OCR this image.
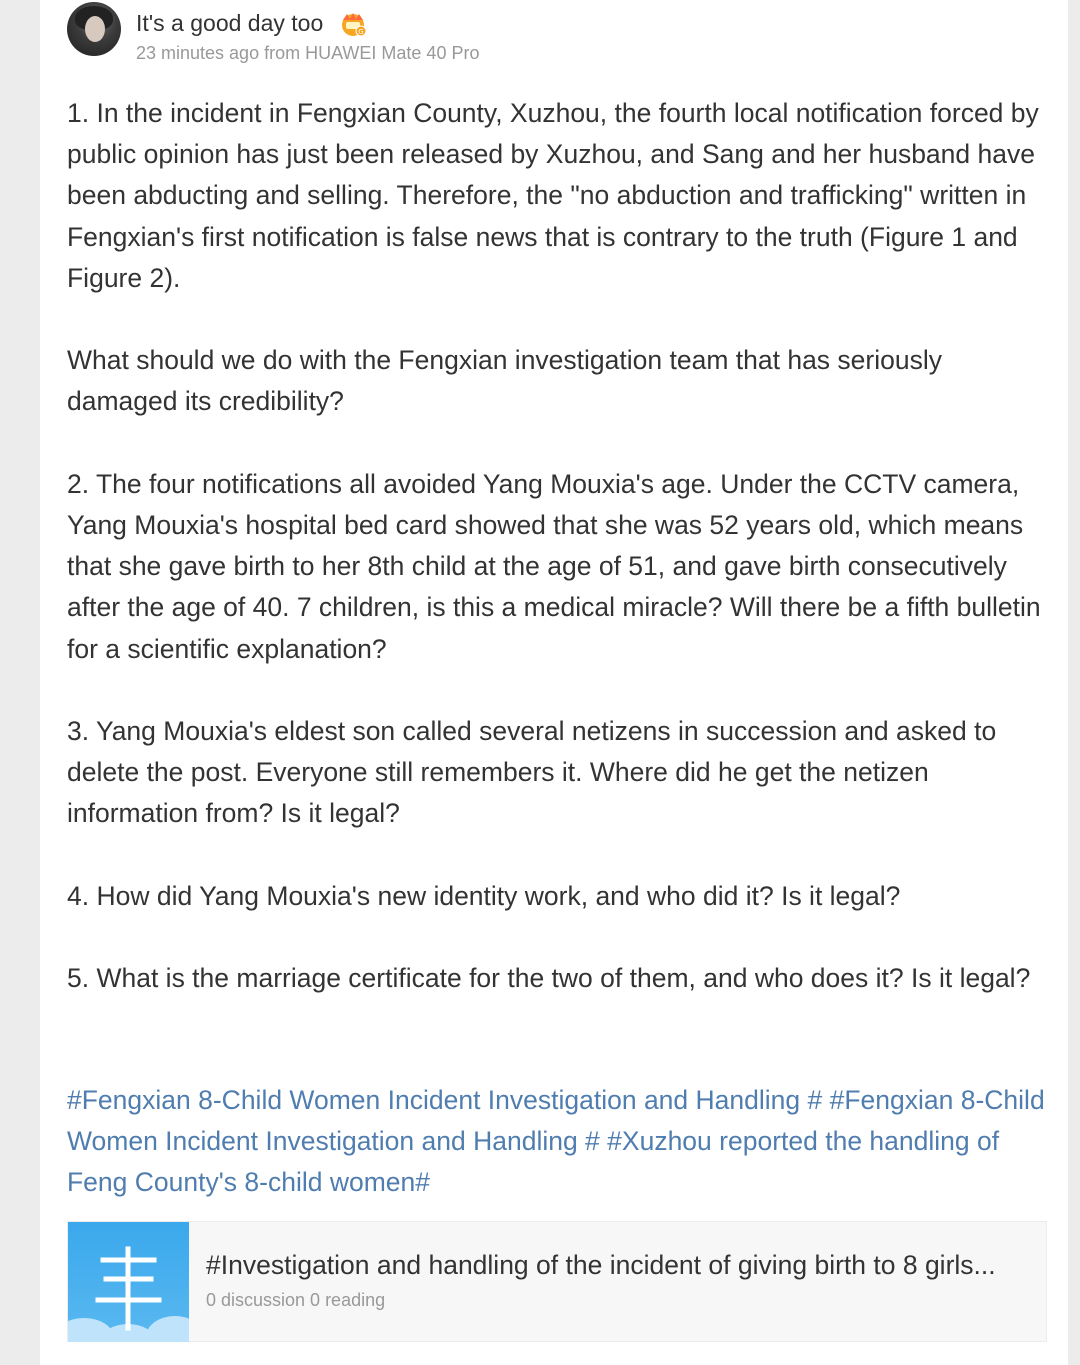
It's a good day too	G
23 minutes ago from HUAWEI Mate 40 Pro

1. In the incident in Fengxian County, Xuzhou, the fourth local notification forced by public opinion has just been released by Xuzhou, and Sang and her husband have been abducting and selling. Therefore, the "no abduction and trafficking" written in Fengxian's first notification is false news that is contrary to the truth (Figure 1 and Figure 2).

What should we do with the Fengxian investigation team that has seriously damaged its credibility?

2. The four notifications all avoided Yang Mouxia's age. Under the CCTV camera, Yang Mouxia's hospital bed card showed that she was 52 years old, which means that she gave birth to her 8th child at the age of 51, and gave birth consecutively after the age of 40. 7 children, is this a medical miracle? Will there be a fifth bulletin for a scientific explanation?

3. Yang Mouxia's eldest son called several netizens in succession and asked to delete the post. Everyone still remembers it. Where did he get the netizen information from? Is it legal?

4. How did Yang Mouxia's new identity work, and who did it? Is it legal?

5. What is the marriage certificate for the two of them, and who does it? Is it legal?

#Fengxian 8-Child Women Incident Investigation and Handling # #Fengxian 8-Child Women Incident Investigation and Handling # #Xuzhou reported the handling of Feng County's 8-child women#
#Investigation and handling of the incident of giving birth to 8 girls...
0 discussion 0 reading
